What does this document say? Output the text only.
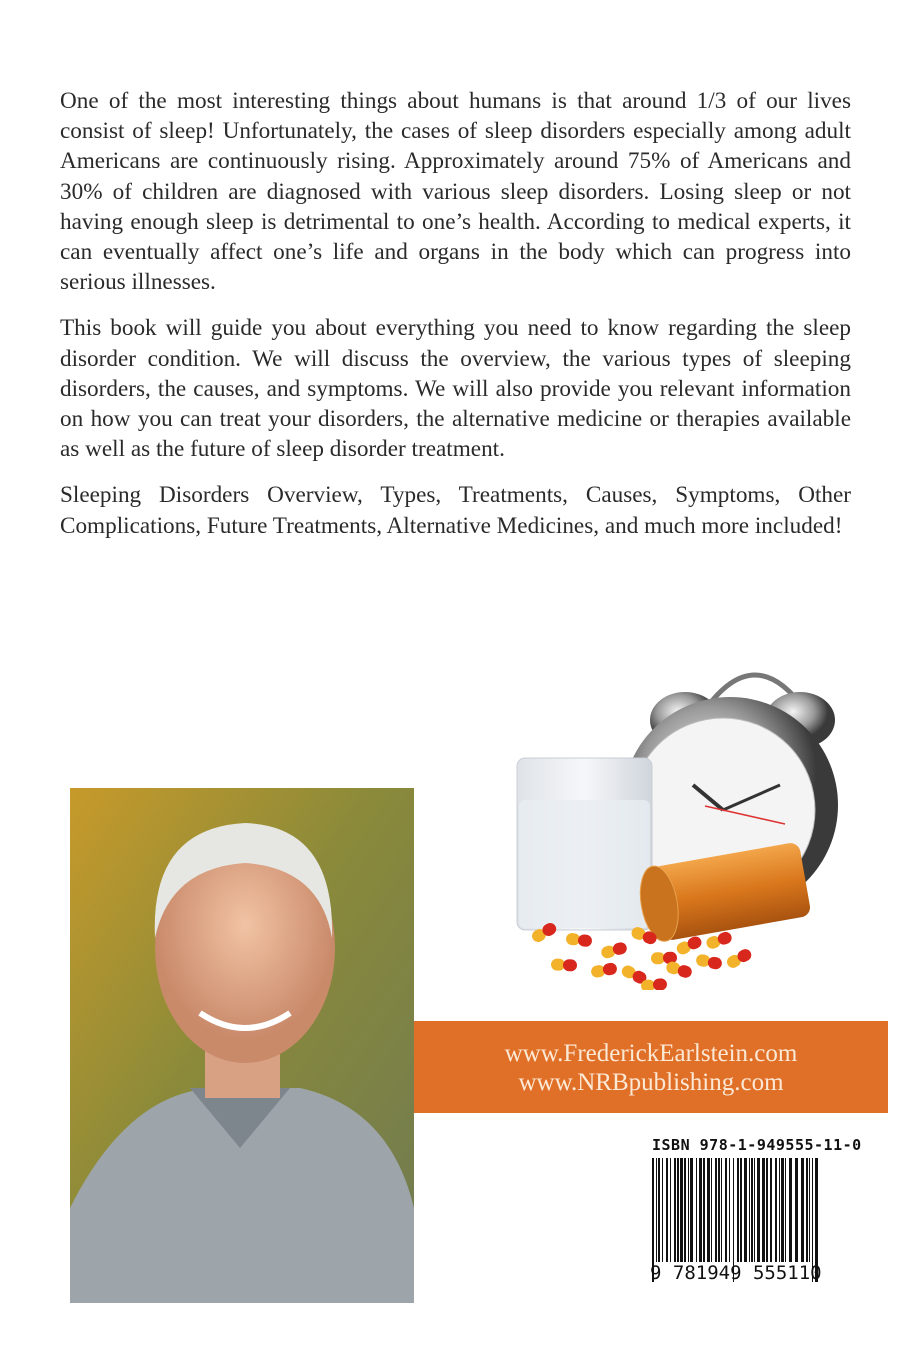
One of the most interesting things about humans is that around 1/3 of our lives consist of sleep! Unfortunately, the cases of sleep disorders especially among adult Americans are continuously rising. Approximately around 75% of Americans and 30% of children are diagnosed with various sleep disorders. Losing sleep or not having enough sleep is detrimental to one’s health. According to medical experts, it can eventually affect one’s life and organs in the body which can progress into serious illnesses.

This book will guide you about everything you need to know regarding the sleep disorder condition. We will discuss the overview, the various types of sleeping disorders, the causes, and symptoms. We will also provide you relevant information on how you can treat your disorders, the alternative medicine or therapies available as well as the future of sleep disorder treatment.

Sleeping Disorders Overview, Types, Treatments, Causes, Symptoms, Other Complications, Future Treatments, Alternative Medicines, and much more included!

www.FrederickEarlstein.com
www.NRBpublishing.com
ISBN 978-1-949555-11-0
9 781949 555110
